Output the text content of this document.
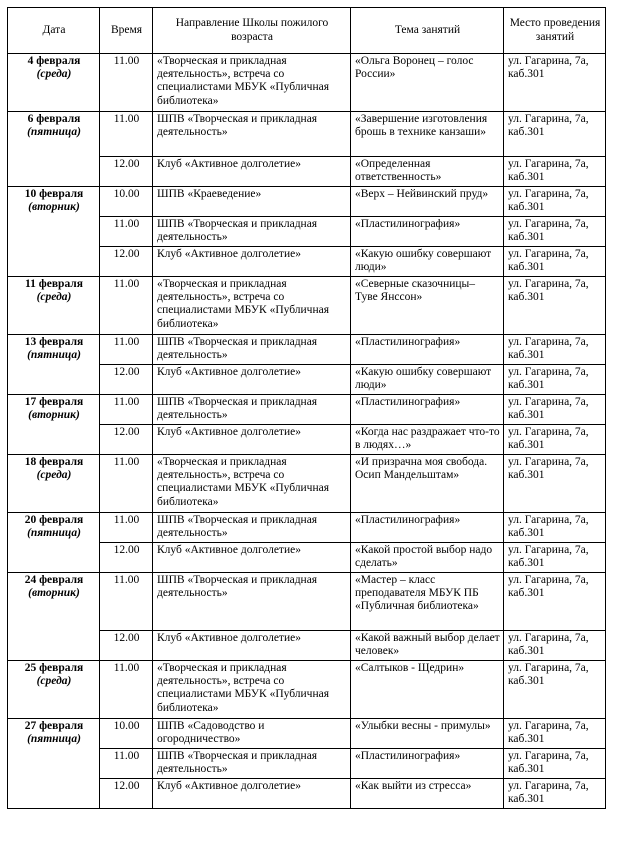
Дата	Время	Направление Школы пожилого возраста	Тема занятий	Место проведения занятий
4 февраля
(среда)	11.00	«Творческая и прикладная деятельность», встреча со специалистами МБУК «Публичная библиотека»	«Ольга Воронец – голос России»	ул. Гагарина, 7а, каб.301
6 февраля
(пятница)	11.00	ШПВ «Творческая и прикладная деятельность»	«Завершение изготовления брошь в технике канзаши»	ул. Гагарина, 7а, каб.301
	12.00	Клуб «Активное долголетие»	«Определенная ответственность»	ул. Гагарина, 7а, каб.301
10 февраля
(вторник)	10.00	ШПВ «Краеведение»	«Верх – Нейвинский пруд»	ул. Гагарина, 7а, каб.301
	11.00	ШПВ «Творческая и прикладная деятельность»	«Пластилинография»	ул. Гагарина, 7а, каб.301
	12.00	Клуб «Активное долголетие»	«Какую ошибку совершают люди»	ул. Гагарина, 7а, каб.301
11 февраля
(среда)	11.00	«Творческая и прикладная деятельность», встреча со специалистами МБУК «Публичная библиотека»	«Северные сказочницы– Туве Янссон»	ул. Гагарина, 7а, каб.301
13 февраля
(пятница)	11.00	ШПВ «Творческая и прикладная деятельность»	«Пластилинография»	ул. Гагарина, 7а, каб.301
	12.00	Клуб «Активное долголетие»	«Какую ошибку совершают люди»	ул. Гагарина, 7а, каб.301
17 февраля
(вторник)	11.00	ШПВ «Творческая и прикладная деятельность»	«Пластилинография»	ул. Гагарина, 7а, каб.301
	12.00	Клуб «Активное долголетие»	«Когда нас раздражает что-то в людях…»	ул. Гагарина, 7а, каб.301
18 февраля
(среда)	11.00	«Творческая и прикладная деятельность», встреча со специалистами МБУК «Публичная библиотека»	«И призрачна моя свобода. Осип Мандельштам»	ул. Гагарина, 7а, каб.301
20 февраля
(пятница)	11.00	ШПВ «Творческая и прикладная деятельность»	«Пластилинография»	ул. Гагарина, 7а, каб.301
	12.00	Клуб «Активное долголетие»	«Какой простой выбор надо сделать»	ул. Гагарина, 7а, каб.301
24 февраля
(вторник)	11.00	ШПВ «Творческая и прикладная деятельность»	«Мастер – класс преподавателя МБУК ПБ «Публичная библиотека»	ул. Гагарина, 7а, каб.301
	12.00	Клуб «Активное долголетие»	«Какой важный выбор делает человек»	ул. Гагарина, 7а, каб.301
25 февраля
(среда)	11.00	«Творческая и прикладная деятельность», встреча со специалистами МБУК «Публичная библиотека»	«Салтыков - Щедрин»	ул. Гагарина, 7а, каб.301
27 февраля
(пятница)	10.00	ШПВ «Садоводство и огородничество»	«Улыбки весны - примулы»	ул. Гагарина, 7а, каб.301
	11.00	ШПВ «Творческая и прикладная деятельность»	«Пластилинография»	ул. Гагарина, 7а, каб.301
	12.00	Клуб «Активное долголетие»	«Как выйти из стресса»	ул. Гагарина, 7а, каб.301
